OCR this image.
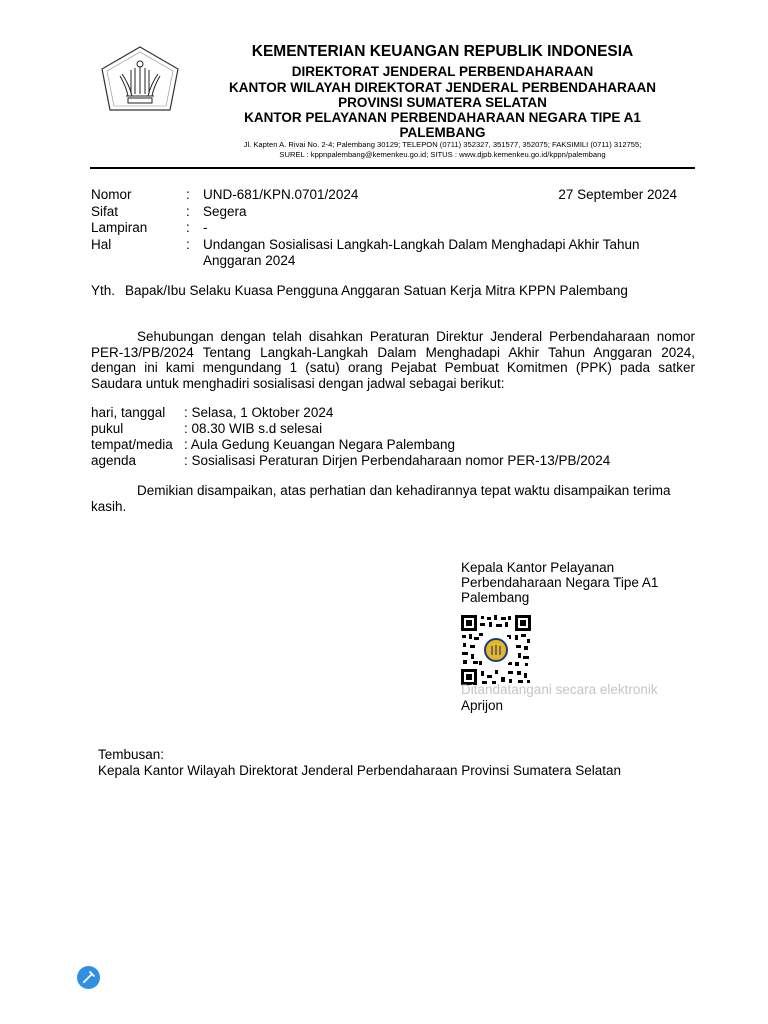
KEMENTERIAN KEUANGAN REPUBLIK INDONESIA
DIREKTORAT JENDERAL PERBENDAHARAAN
KANTOR WILAYAH DIREKTORAT JENDERAL PERBENDAHARAAN
PROVINSI SUMATERA SELATAN
KANTOR PELAYANAN PERBENDAHARAAN NEGARA TIPE A1
PALEMBANG
Jl. Kapten A. Rivai No. 2-4; Palembang 30129; TELEPON (0711) 352327, 351577, 352075; FAKSIMILI (0711) 312755;
SUREL : kppnpalembang@kemenkeu.go.id; SITUS : www.djpb.kemenkeu.go.id/kppn/palembang
Nomor	: UND-681/KPN.0701/2024	27 September 2024
Sifat	: Segera
Lampiran	: -
Hal	: Undangan Sosialisasi Langkah-Langkah Dalam Menghadapi Akhir Tahun
Anggaran 2024
Yth. Bapak/Ibu Selaku Kuasa Pengguna Anggaran Satuan Kerja Mitra KPPN Palembang
Sehubungan dengan telah disahkan Peraturan Direktur Jenderal Perbendaharaan nomor PER-13/PB/2024 Tentang Langkah-Langkah Dalam Menghadapi Akhir Tahun Anggaran 2024, dengan ini kami mengundang 1 (satu) orang Pejabat Pembuat Komitmen (PPK) pada satker Saudara untuk menghadiri sosialisasi dengan jadwal sebagai berikut:
hari, tanggal : Selasa, 1 Oktober 2024
pukul	: 08.30 WIB s.d selesai
tempat/media : Aula Gedung Keuangan Negara Palembang
agenda	: Sosialisasi Peraturan Dirjen Perbendaharaan nomor PER-13/PB/2024
Demikian disampaikan, atas perhatian dan kehadirannya tepat waktu disampaikan terima kasih.
Kepala Kantor Pelayanan
Perbendaharaan Negara Tipe A1
Palembang
Ditandatangani secara elektronik
Aprijon
Tembusan:
Kepala Kantor Wilayah Direktorat Jenderal Perbendaharaan Provinsi Sumatera Selatan
